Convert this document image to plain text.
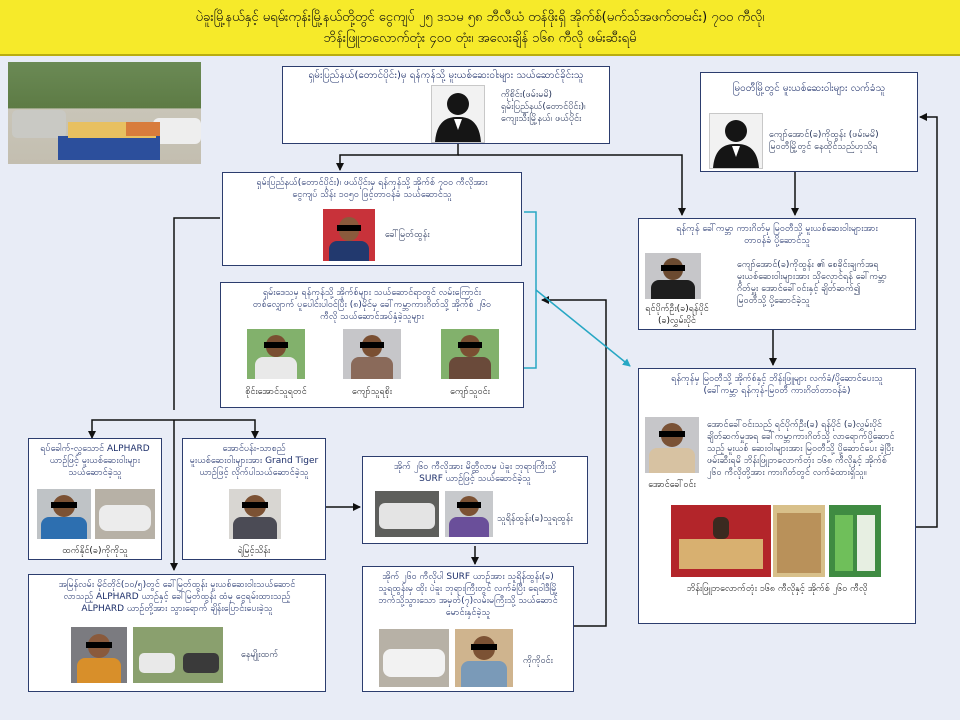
ပဲခူးမြို့နယ်နှင့် မရမ်းကုန်းမြို့နယ်တို့တွင် ငွေကျပ် ၂၅ ဒသမ ၅၈ ဘီလီယံ တန်ဖိုးရှိ အိုက်စ်(မက်သ်အဖက်တမင်း) ၇၀၀ ကီလို၊
ဘိန်းဖြူဘလောက်တုံး ၄၀၀ တုံး၊ အလေးချိန် ၁၆၈ ကီလို ဖမ်းဆီးရမိ
ရှမ်းပြည်နယ်(တောင်ပိုင်း)မှ ရန်ကုန်သို့ မူးယစ်ဆေးဝါးများ သယ်ဆောင်ခိုင်းသူ
ကိုစိုင်း(ဖမ်းမမိ)
ရှမ်းပြည်နယ်(တောင်ပိုင်း)၊
ကျေးသီးမြို့နယ်၊ ဖယ်ပိုင်း
မြဝတီမြို့တွင် မူးယစ်ဆေးဝါးများ လက်ခံသူ
ကျော်အောင်(ခ)ကိုထွန်း (ဖမ်းမမိ)
မြဝတီမြို့တွင် နေထိုင်သည်ဟုသိရ
ရှမ်းပြည်နယ်(တောင်ပိုင်း)၊ ဖယ်ပိုင်းမှ ရန်ကုန်သို့ အိုက်စ် ၇၀၀ ကီလိုအား
ငွေကျပ် သိန်း ၁၀၅၀ ဖြင့်တာဝန်ခံ သယ်ဆောင်သူ
ခေါ်မြတ်ထွန်း
ရှမ်းဒေသမှ ရန်ကုန်သို့ အိုက်စ်များ သယ်ဆောင်ရာတွင် လမ်းကြောင်း
တစ်လျှောက် ပူပေါင်းပါဝင်ပြီး (၈)မိုင်မှ ခေါ်ကမ္ဘာကားဂိတ်သို့ အိုက်စ် ၂၆၀
ကီလို သယ်ဆောင်အပ်နှံခဲ့သူများ
စိုင်းအောင်သူရတင်	ကျော်သူရစိုး	ကျော်သူဝင်း
ရန်ကုန် ခေါ်ကမ္ဘာ ကားဂိတ်မှ မြဝတီသို့ မူးယစ်ဆေးဝါးများအား
တာဝန်ခံ ပို့ဆောင်သူ
ကျော်အောင်(ခ)ကိုထွန်း ၏ စေခိုင်းချက်အရ
မူးယစ်ဆေးဝါးများအား သိုလှောင်ရန် ခေါ်ကမ္ဘာ
ဂိတ်မှူး အောင်ခေါ်ဝင်းနှင့် ချိတ်ဆက်၍
မြဝတီသို့ ပို့ဆောင်ခဲ့သူ
ရင်ပိုက်ဦး(ခ)ရန်ပိုင်
(ခ)လွှမ်းပိုင်
ရန်ကုန်မှ မြဝတီသို့ အိုက်စ်နှင့် ဘိန်းဖြူများ လက်ခံ/ပို့ဆောင်ပေးသူ
(ခေါ်ကမ္ဘာ ရန်ကုန်-မြဝတီ ကားဂိတ်တာဝန်ခံ)
အောင်ခေါ်ဝင်းသည် ရင်ပိုက်ဦး(ခ) ရန်ပိုင် (ခ)လွှမ်းပိုင်
ချိတ်ဆက်မှုအရ ခေါ်ကမ္ဘာကားဂိတ်သို့ လာရောက်ပို့ဆောင်
သည့် မူးယစ် ဆေးဝါးများအား မြဝတီသို့ ပို့ဆောင်ပေး ခဲ့ပြီး
ဖမ်းဆီးရမိ ဘိန်းဖြူဘလောက်တုံး ၁၆၈ ကီလိုနှင့် အိုက်စ်
၂၆၀ ကီလိုတို့အား ကားဂိတ်တွင် လက်ခံထားရှိသူ။
အောင်ခေါ်ဝင်း
ဘိန်းဖြူဘလောက်တုံး ၁၆၈ ကီလိုနှင့် အိုက်စ် ၂၆၀ ကီလို
ရပ်ခေါက်-လွှသောင် ALPHARD
ယာဉ်ဖြင့် မူးယစ်ဆေးဝါးများ
သယ်ဆောင်ခဲ့သူ
ထက်နိုင်(ခ)ကိုကိုသူ
အောင်ပန်း-သာစည်
မူးယစ်ဆေးဝါးများအား Grand Tiger
ယာဉ်ဖြင့် လိုက်ပါသယ်ဆောင်ခဲ့သူ
ရဲမြင့်သိန်း
အိုက် ၂၆၀ ကီလိုအား မိတ္ထီလာမှ ပဲခူး ဘုရားကြီးသို့
SURF ယာဉ်ဖြင့် သယ်ဆောင်ခဲ့သူ
သူရိန်ထွန်း(ခ)သူရထွန်း
အိုက် ၂၆၀ ကီလိုပါ SURF ယာဉ်အား သူရိန်ထွန်း(ခ)
သူရထွန်းမှ ထိုး ပဲခူး ဘုရားကြီးတွင် လက်ခံပြီး ရေဝါဒီမြို့
ဘက်သို့သွားသော အမှတ်(၇)လမ်းမကြီးသို့ သယ်ဆောင်
မောင်းနှင်ခဲ့သူ
ကိုကိုဝင်း
အမြန်လမ်း မိုင်တိုင်(၁၀/၅)တွင် ခေါ်မြတ်ထွန်း မူးယစ်ဆေးဝါးသယ်ဆောင်
လာသည့် ALPHARD ယာဉ်နှင့် ခေါ်မြတ်ထွန်း ထံမှ ငွေရမ်းထားသည့်
ALPHARD ယာဉ်တို့အား သွားရောက် ချိန်းပြောင်းပေးခဲ့သူ
နေမျိုးထက်
